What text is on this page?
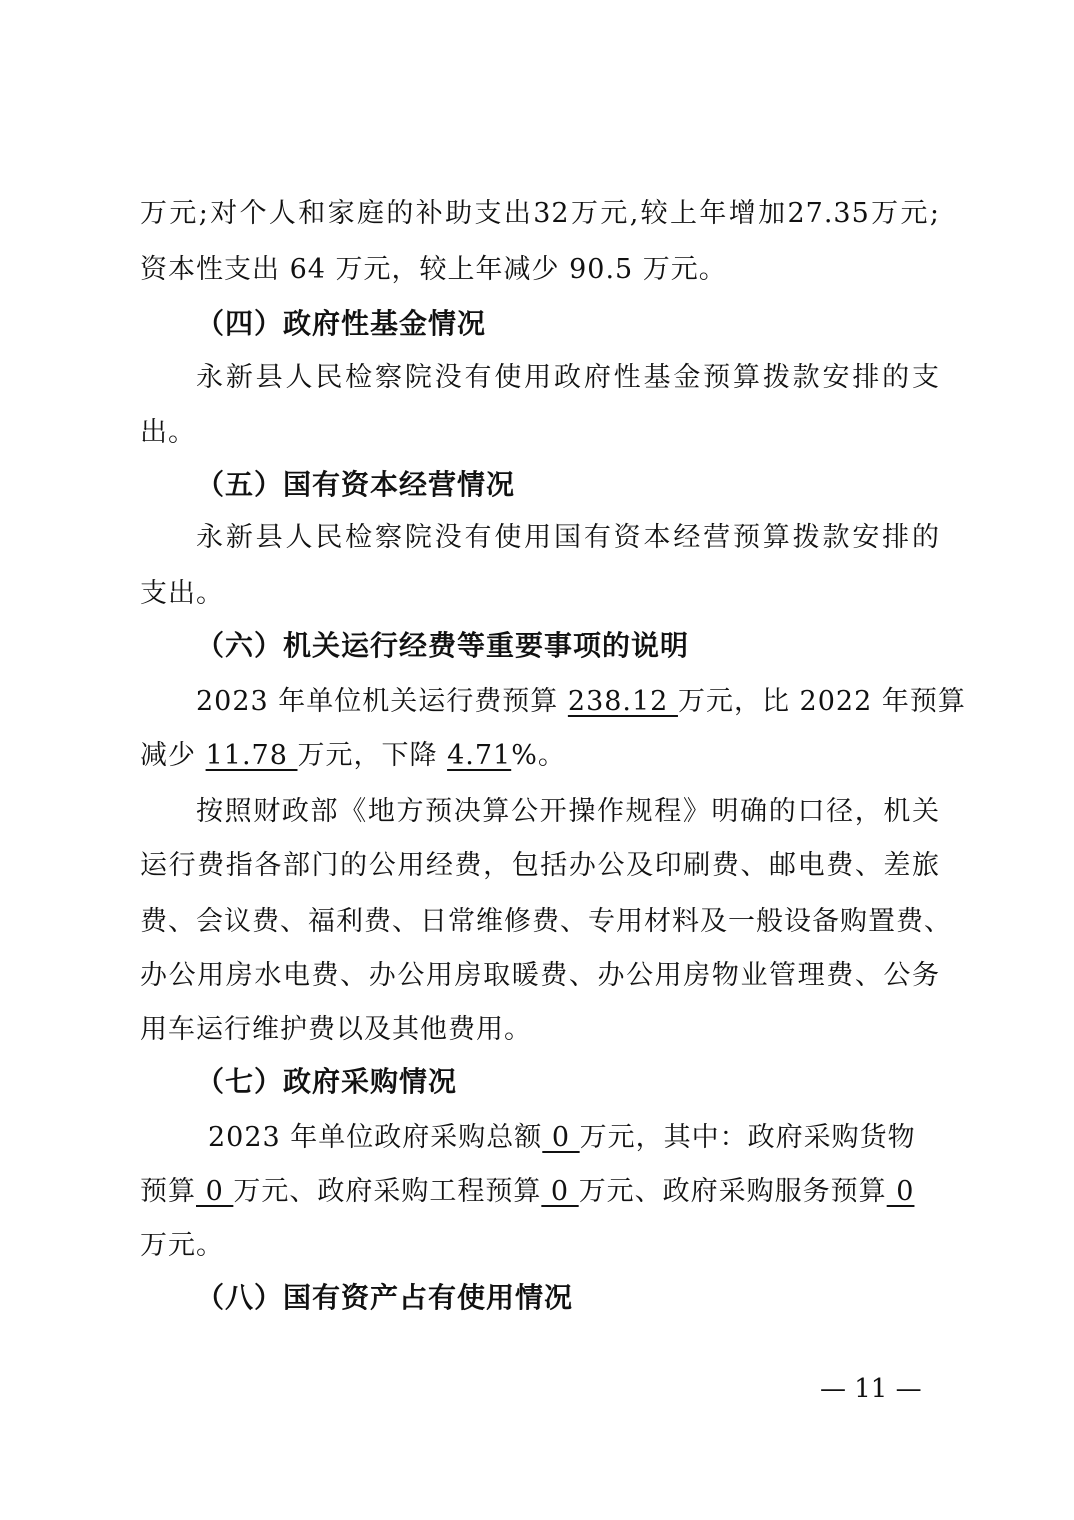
万元;对个人和家庭的补助支出32万元,较上年增加27.35万元;
资本性支出 64 万元，较上年减少 90.5 万元。
（四）政府性基金情况
永新县人民检察院没有使用政府性基金预算拨款安排的支
出。
（五）国有资本经营情况
永新县人民检察院没有使用国有资本经营预算拨款安排的
支出。
（六）机关运行经费等重要事项的说明
2023 年单位机关运行费预算 238.12 万元，比 2022 年预算
减少 11.78 万元，下降 4.71%。
按照财政部《地方预决算公开操作规程》明确的口径，机关
运行费指各部门的公用经费，包括办公及印刷费、邮电费、差旅
费、会议费、福利费、日常维修费、专用材料及一般设备购置费、
办公用房水电费、办公用房取暖费、办公用房物业管理费、公务
用车运行维护费以及其他费用。
（七）政府采购情况
2023 年单位政府采购总额 0 万元，其中：政府采购货物
预算 0 万元、政府采购工程预算 0 万元、政府采购服务预算 0
万元。
（八）国有资产占有使用情况
— 11 —
